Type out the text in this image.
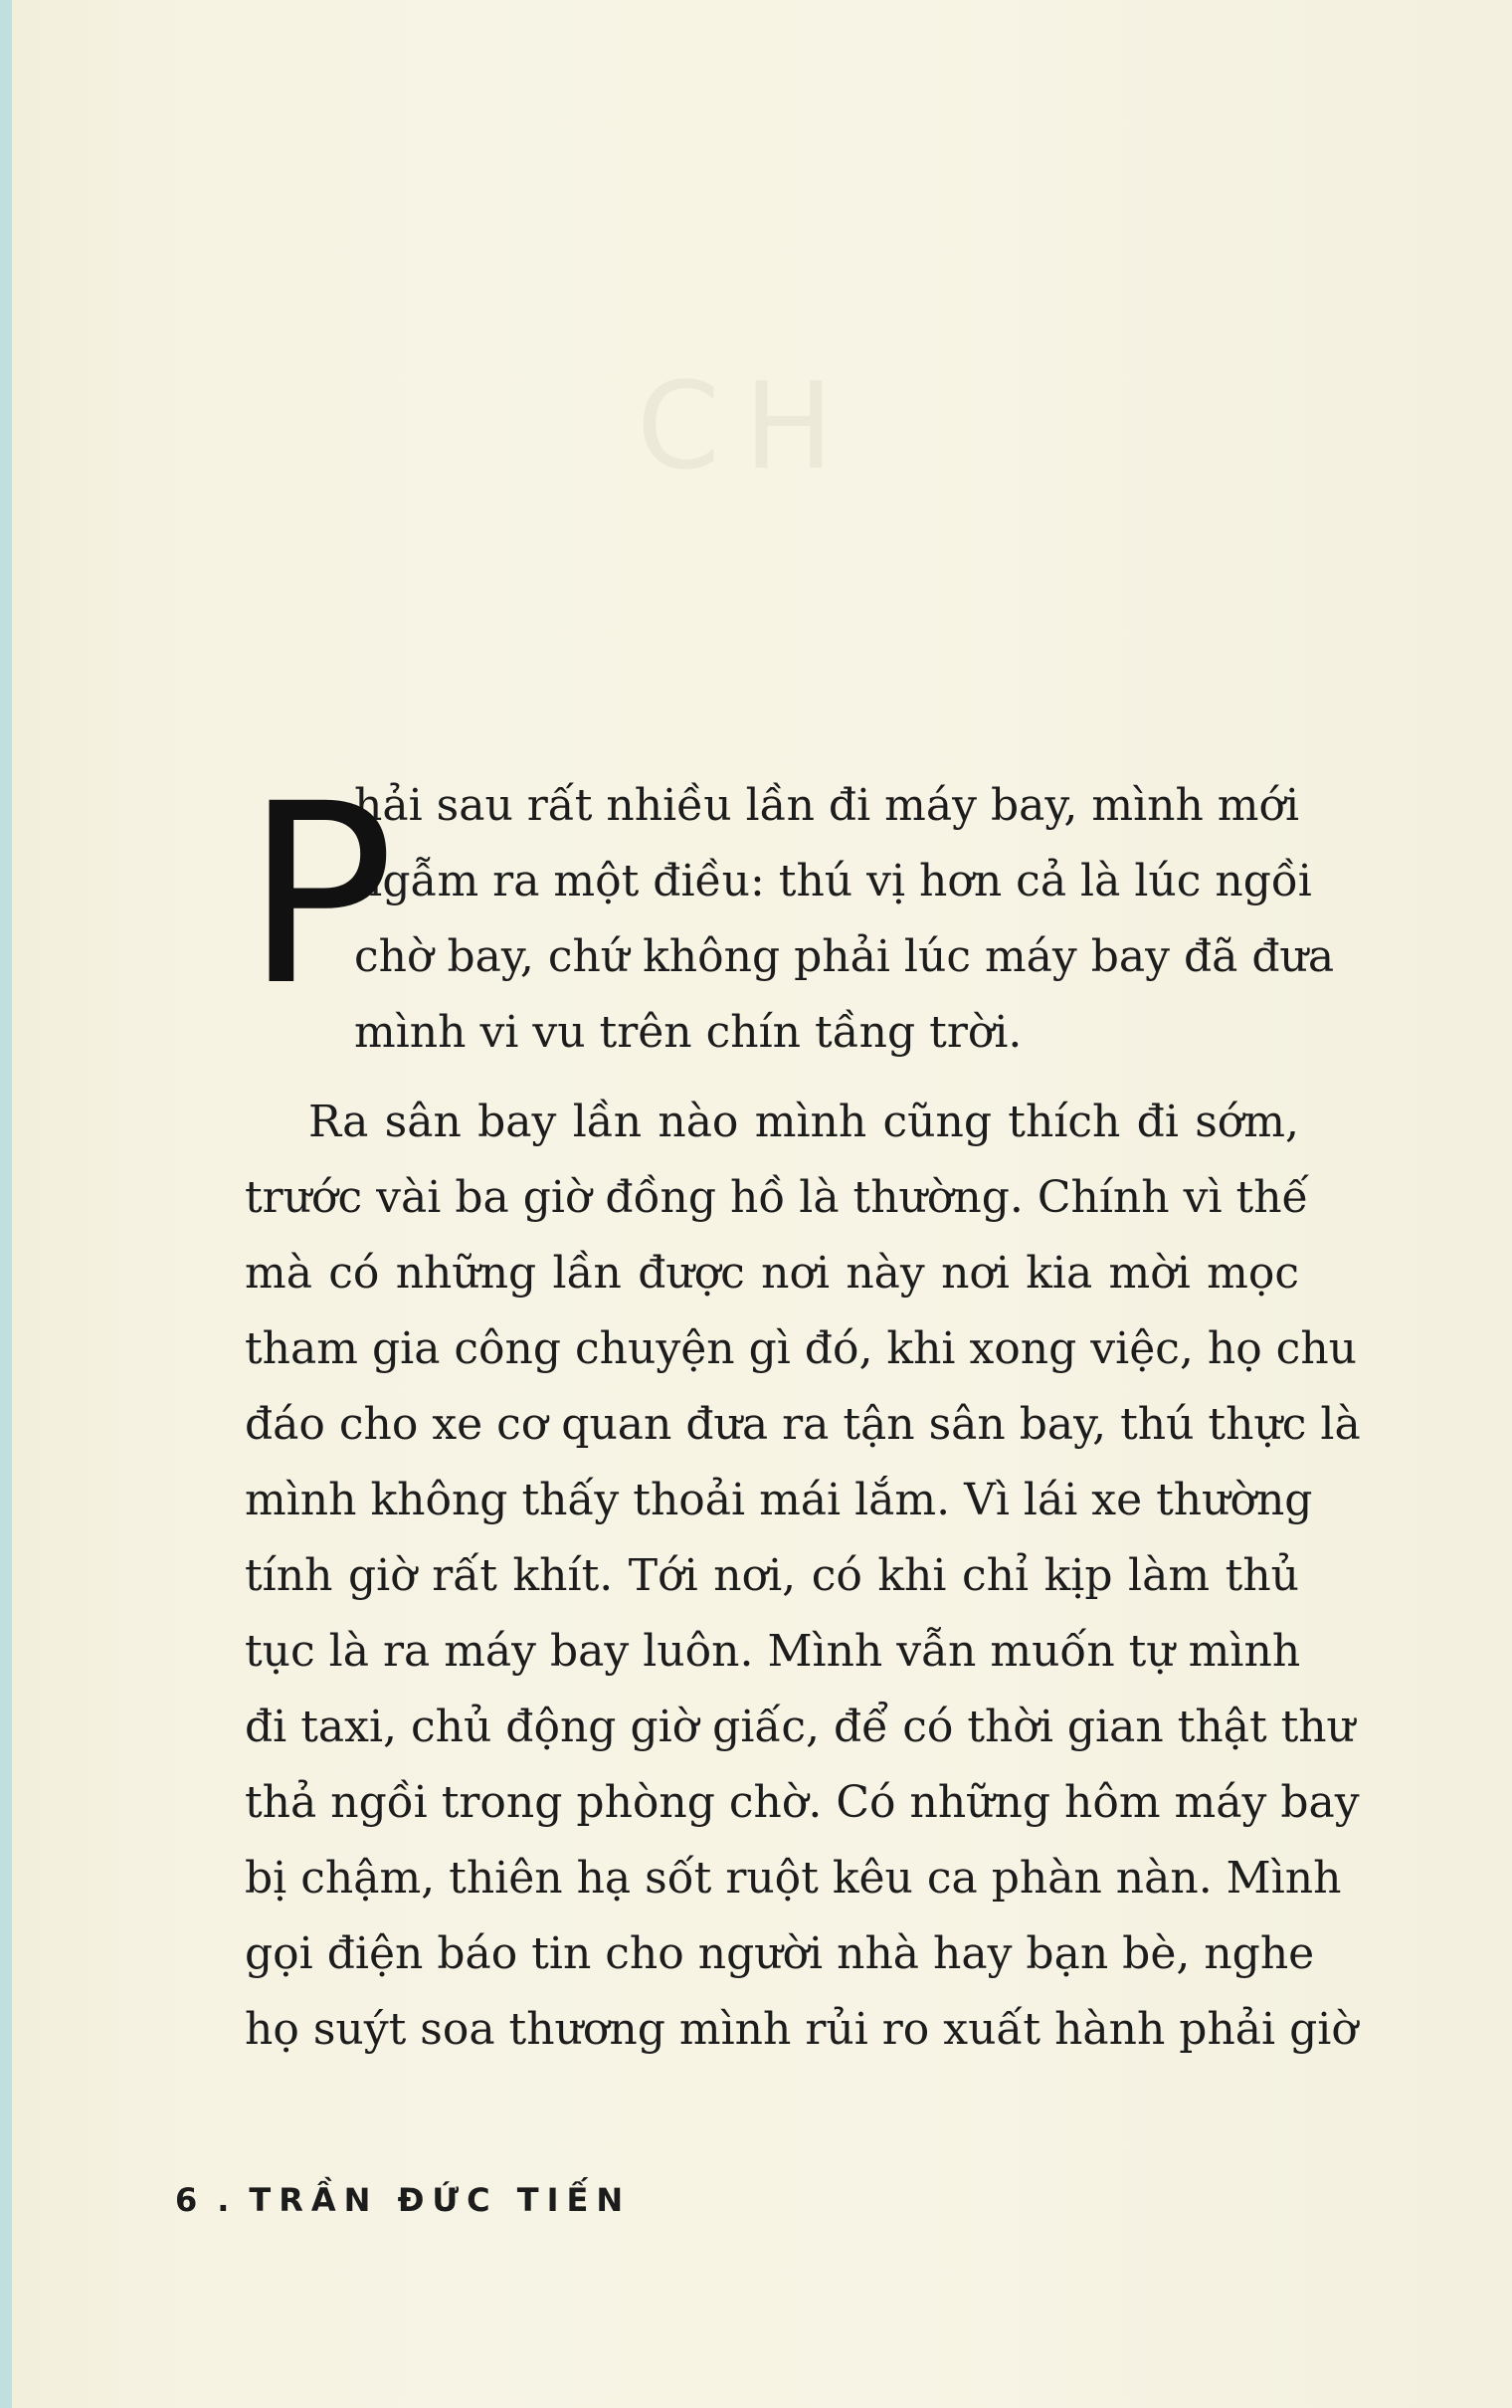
CH
P
hải sau rất nhiều lần đi máy bay, mình mới
ngẫm ra một điều: thú vị hơn cả là lúc ngồi
chờ bay, chứ không phải lúc máy bay đã đưa
mình vi vu trên chín tầng trời.
Ra sân bay lần nào mình cũng thích đi sớm,
trước vài ba giờ đồng hồ là thường. Chính vì thế
mà có những lần được nơi này nơi kia mời mọc
tham gia công chuyện gì đó, khi xong việc, họ chu
đáo cho xe cơ quan đưa ra tận sân bay, thú thực là
mình không thấy thoải mái lắm. Vì lái xe thường
tính giờ rất khít. Tới nơi, có khi chỉ kịp làm thủ
tục là ra máy bay luôn. Mình vẫn muốn tự mình
đi taxi, chủ động giờ giấc, để có thời gian thật thư
thả ngồi trong phòng chờ. Có những hôm máy bay
bị chậm, thiên hạ sốt ruột kêu ca phàn nàn. Mình
gọi điện báo tin cho người nhà hay bạn bè, nghe
họ suýt soa thương mình rủi ro xuất hành phải giờ
6 . TRẦN ĐỨC TIẾN
